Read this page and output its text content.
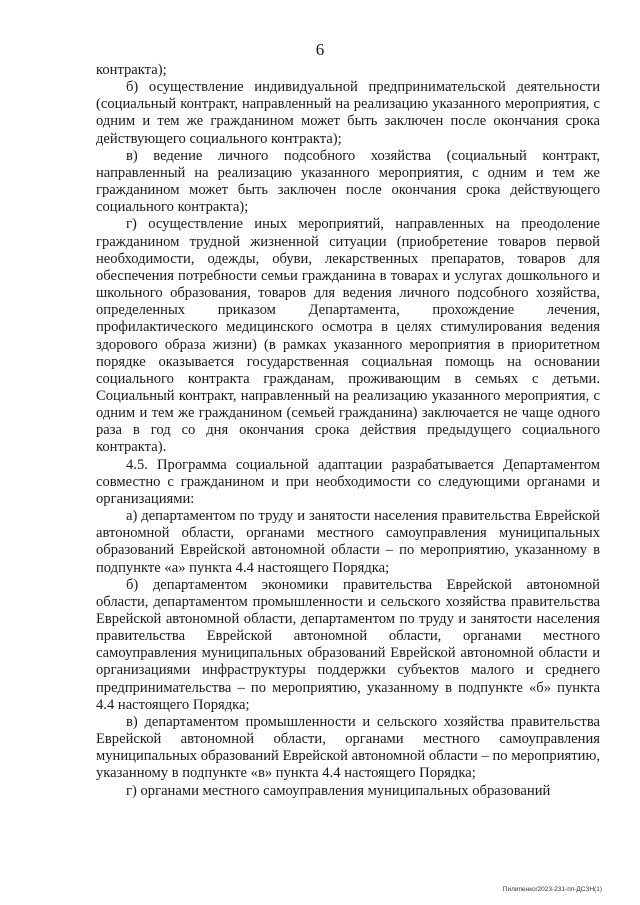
6

контракта);

б) осуществление индивидуальной предпринимательской деятельности (социальный контракт, направленный на реализацию указанного мероприятия, с одним и тем же гражданином может быть заключен после окончания срока действующего социального контракта);

в) ведение личного подсобного хозяйства (социальный контракт, направленный на реализацию указанного мероприятия, с одним и тем же гражданином может быть заключен после окончания срока действующего социального контракта);

г) осуществление иных мероприятий, направленных на преодоление гражданином трудной жизненной ситуации (приобретение товаров первой необходимости, одежды, обуви, лекарственных препаратов, товаров для обеспечения потребности семьи гражданина в товарах и услугах дошкольного и школьного образования, товаров для ведения личного подсобного хозяйства, определенных приказом Департамента, прохождение лечения, профилактического медицинского осмотра в целях стимулирования ведения здорового образа жизни) (в рамках указанного мероприятия в приоритетном порядке оказывается государственная социальная помощь на основании социального контракта гражданам, проживающим в семьях с детьми. Социальный контракт, направленный на реализацию указанного мероприятия, с одним и тем же гражданином (семьей гражданина) заключается не чаще одного раза в год со дня окончания срока действия предыдущего социального контракта).

4.5. Программа социальной адаптации разрабатывается Департаментом совместно с гражданином и при необходимости со следующими органами и организациями:

а) департаментом по труду и занятости населения правительства Еврейской автономной области, органами местного самоуправления муниципальных образований Еврейской автономной области – по мероприятию, указанному в подпункте «а» пункта 4.4 настоящего Порядка;

б) департаментом экономики правительства Еврейской автономной области, департаментом промышленности и сельского хозяйства правительства Еврейской автономной области, департаментом по труду и занятости населения правительства Еврейской автономной области, органами местного самоуправления муниципальных образований Еврейской автономной области и организациями инфраструктуры поддержки субъектов малого и среднего предпринимательства – по мероприятию, указанному в подпункте «б» пункта 4.4 настоящего Порядка;

в) департаментом промышленности и сельского хозяйства правительства Еврейской автономной области, органами местного самоуправления муниципальных образований Еврейской автономной области – по мероприятию, указанному в подпункте «в» пункта 4.4 настоящего Порядка;

г) органами местного самоуправления муниципальных образований

Пилипенко/2023-231-пп-ДСЗН(1)
